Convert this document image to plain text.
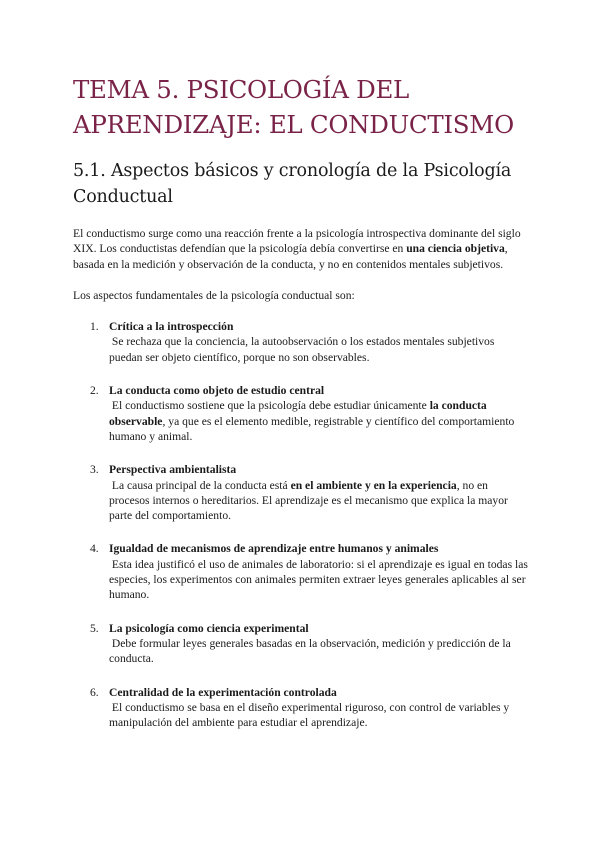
TEMA 5. PSICOLOGÍA DEL APRENDIZAJE: EL CONDUCTISMO
5.1. Aspectos básicos y cronología de la Psicología Conductual

El conductismo surge como una reacción frente a la psicología introspectiva dominante del siglo XIX. Los conductistas defendían que la psicología debía convertirse en una ciencia objetiva, basada en la medición y observación de la conducta, y no en contenidos mentales subjetivos.

Los aspectos fundamentales de la psicología conductual son:

1. Crítica a la introspección
Se rechaza que la conciencia, la autoobservación o los estados mentales subjetivos puedan ser objeto científico, porque no son observables.
2. La conducta como objeto de estudio central
El conductismo sostiene que la psicología debe estudiar únicamente la conducta observable, ya que es el elemento medible, registrable y científico del comportamiento humano y animal.
3. Perspectiva ambientalista
La causa principal de la conducta está en el ambiente y en la experiencia, no en procesos internos o hereditarios. El aprendizaje es el mecanismo que explica la mayor parte del comportamiento.
4. Igualdad de mecanismos de aprendizaje entre humanos y animales
Esta idea justificó el uso de animales de laboratorio: si el aprendizaje es igual en todas las especies, los experimentos con animales permiten extraer leyes generales aplicables al ser humano.
5. La psicología como ciencia experimental
Debe formular leyes generales basadas en la observación, medición y predicción de la conducta.
6. Centralidad de la experimentación controlada
El conductismo se basa en el diseño experimental riguroso, con control de variables y manipulación del ambiente para estudiar el aprendizaje.
